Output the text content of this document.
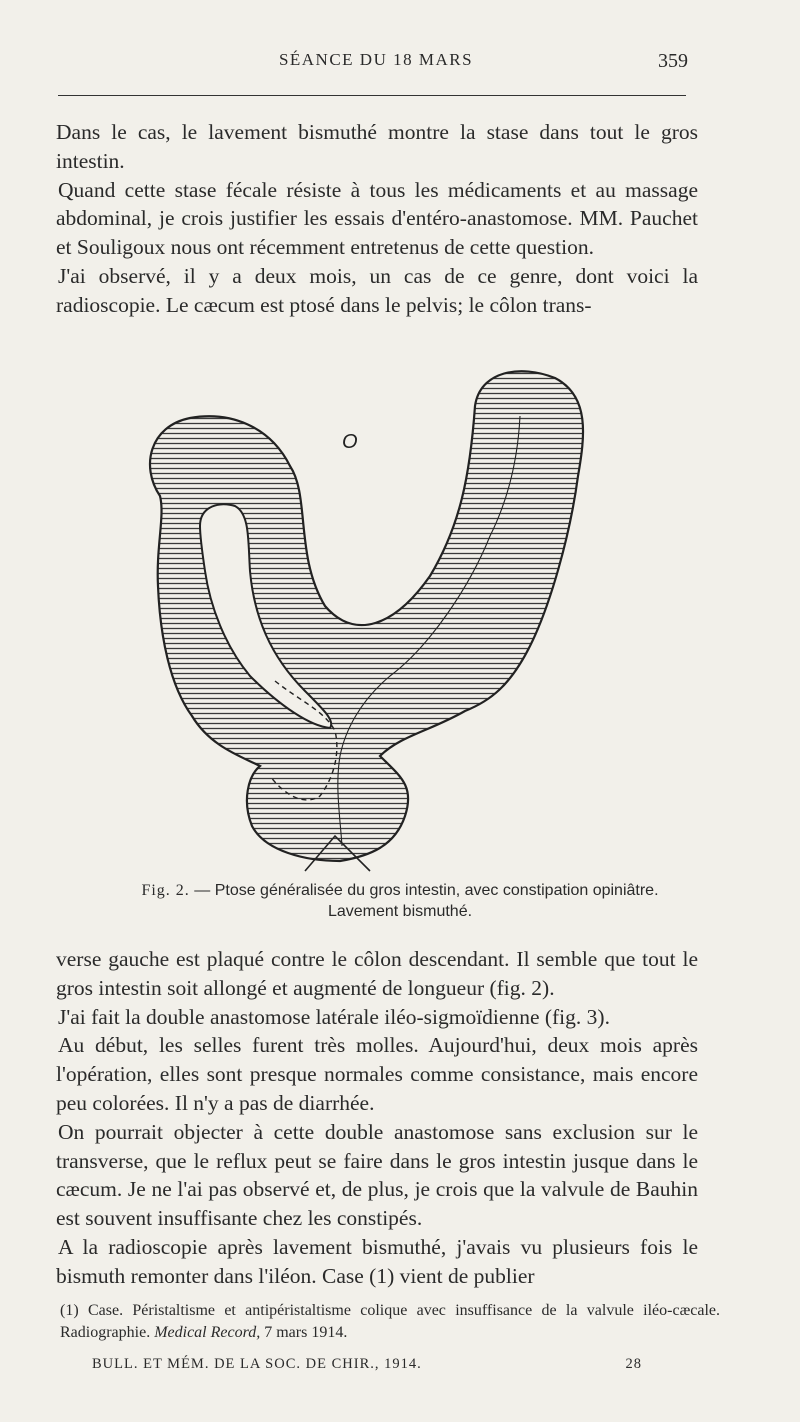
SÉANCE DU 18 MARS	359

Dans le cas, le lavement bismuthé montre la stase dans tout le gros intestin.

Quand cette stase fécale résiste à tous les médicaments et au massage abdominal, je crois justifier les essais d'entéro-anastomose. MM. Pauchet et Souligoux nous ont récemment entretenus de cette question.

J'ai observé, il y a deux mois, un cas de ce genre, dont voici la radioscopie. Le cæcum est ptosé dans le pelvis; le côlon trans-

O
Fig. 2. — Ptose généralisée du gros intestin, avec constipation opiniâtre.
Lavement bismuthé.

verse gauche est plaqué contre le côlon descendant. Il semble que tout le gros intestin soit allongé et augmenté de longueur (fig. 2).

J'ai fait la double anastomose latérale iléo-sigmoïdienne (fig. 3).

Au début, les selles furent très molles. Aujourd'hui, deux mois après l'opération, elles sont presque normales comme consistance, mais encore peu colorées. Il n'y a pas de diarrhée.

On pourrait objecter à cette double anastomose sans exclusion sur le transverse, que le reflux peut se faire dans le gros intestin jusque dans le cæcum. Je ne l'ai pas observé et, de plus, je crois que la valvule de Bauhin est souvent insuffisante chez les constipés.

A la radioscopie après lavement bismuthé, j'avais vu plusieurs fois le bismuth remonter dans l'iléon. Case (1) vient de publier

(1) Case. Péristaltisme et antipéristaltisme colique avec insuffisance de la valvule iléo-cæcale. Radiographie. Medical Record, 7 mars 1914.
BULL. ET MÉM. DE LA SOC. DE CHIR., 1914.	28
